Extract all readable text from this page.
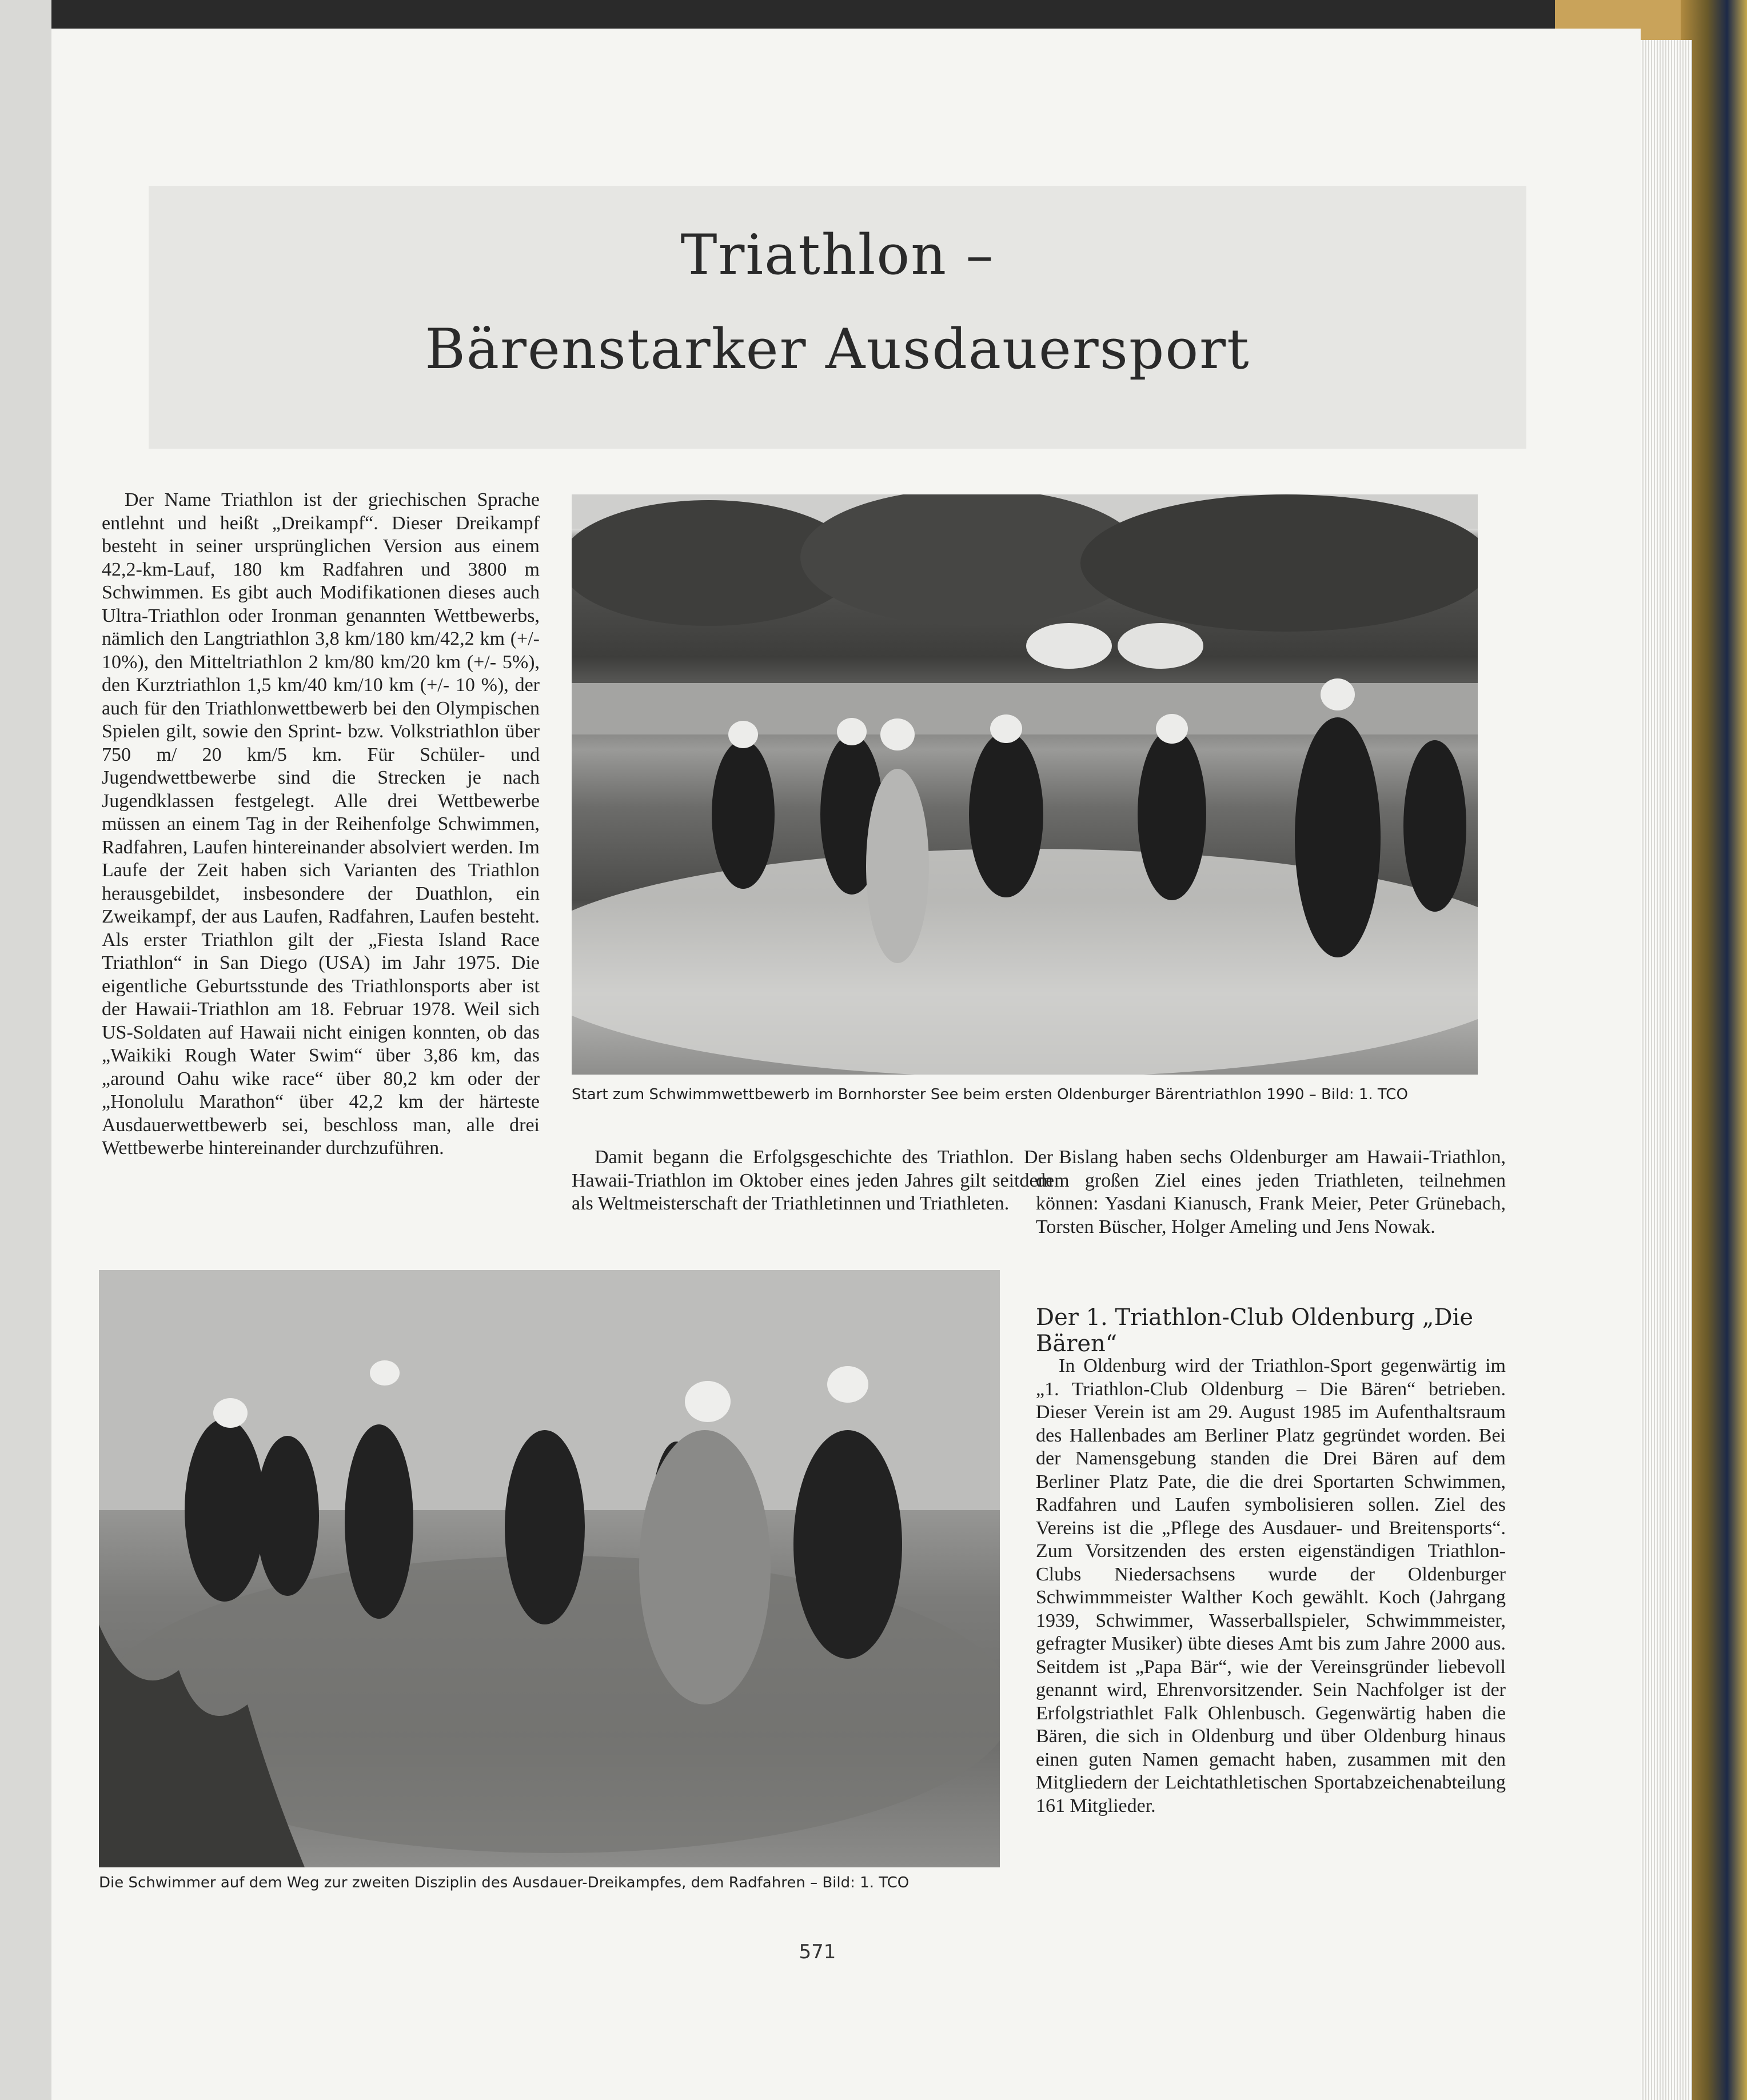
Triathlon –
Bärenstarker Ausdauersport

Der Name Triathlon ist der griechischen Sprache entlehnt und heißt „Dreikampf“. Dieser Dreikampf besteht in seiner ursprünglichen Version aus einem 42,2-km-Lauf, 180 km Radfahren und 3800 m Schwimmen. Es gibt auch Modifikationen dieses auch Ultra-Triathlon oder Ironman genannten Wettbewerbs, nämlich den Langtriathlon 3,8 km/180 km/42,2 km (+/- 10%), den Mitteltriathlon 2 km/80 km/20 km (+/- 5%), den Kurztriathlon 1,5 km/40 km/10 km (+/- 10 %), der auch für den Triathlonwettbewerb bei den Olympischen Spielen gilt, sowie den Sprint- bzw. Volkstriathlon über 750 m/ 20 km/5 km. Für Schüler- und Jugendwettbewerbe sind die Strecken je nach Jugendklassen festgelegt. Alle drei Wettbewerbe müssen an einem Tag in der Reihenfolge Schwimmen, Radfahren, Laufen hintereinander absolviert werden. Im Laufe der Zeit haben sich Varianten des Triathlon herausgebildet, insbesondere der Duathlon, ein Zweikampf, der aus Laufen, Radfahren, Laufen besteht. Als erster Triathlon gilt der „Fiesta Island Race Triathlon“ in San Diego (USA) im Jahr 1975. Die eigentliche Geburtsstunde des Triathlonsports aber ist der Hawaii-Triathlon am 18. Februar 1978. Weil sich US-Soldaten auf Hawaii nicht einigen konnten, ob das „Waikiki Rough Water Swim“ über 3,86 km, das „around Oahu wike race“ über 80,2 km oder der „Honolulu Marathon“ über 42,2 km der härteste Ausdauerwettbewerb sei, beschloss man, alle drei Wettbewerbe hintereinander durchzuführen.

Start zum Schwimmwettbewerb im Bornhorster See beim ersten Oldenburger Bärentriathlon 1990 – Bild: 1. TCO

Damit begann die Erfolgsgeschichte des Triathlon. Der Hawaii-Triathlon im Oktober eines jeden Jahres gilt seitdem als Weltmeisterschaft der Triathletinnen und Triathleten.

Bislang haben sechs Oldenburger am Hawaii-Triathlon, dem großen Ziel eines jeden Triathleten, teilnehmen können: Yasdani Kianusch, Frank Meier, Peter Grünebach, Torsten Büscher, Holger Ameling und Jens Nowak.

Der 1. Triathlon-Club Oldenburg „Die Bären“

In Oldenburg wird der Triathlon-Sport gegenwärtig im „1. Triathlon-Club Oldenburg – Die Bären“ betrieben. Dieser Verein ist am 29. August 1985 im Aufenthaltsraum des Hallenbades am Berliner Platz gegründet worden. Bei der Namensgebung standen die Drei Bären auf dem Berliner Platz Pate, die die drei Sportarten Schwimmen, Radfahren und Laufen symbolisieren sollen. Ziel des Vereins ist die „Pflege des Ausdauer- und Breitensports“. Zum Vorsitzenden des ersten eigenständigen Triathlon-Clubs Niedersachsens wurde der Oldenburger Schwimmmeister Walther Koch gewählt. Koch (Jahrgang 1939, Schwimmer, Wasserballspieler, Schwimmmeister, gefragter Musiker) übte dieses Amt bis zum Jahre 2000 aus. Seitdem ist „Papa Bär“, wie der Vereinsgründer liebevoll genannt wird, Ehrenvorsitzender. Sein Nachfolger ist der Erfolgstriathlet Falk Ohlenbusch. Gegenwärtig haben die Bären, die sich in Oldenburg und über Oldenburg hinaus einen guten Namen gemacht haben, zusammen mit den Mitgliedern der Leichtathletischen Sportabzeichenabteilung 161 Mitglieder.

Die Schwimmer auf dem Weg zur zweiten Disziplin des Ausdauer-Dreikampfes, dem Radfahren – Bild: 1. TCO
571
